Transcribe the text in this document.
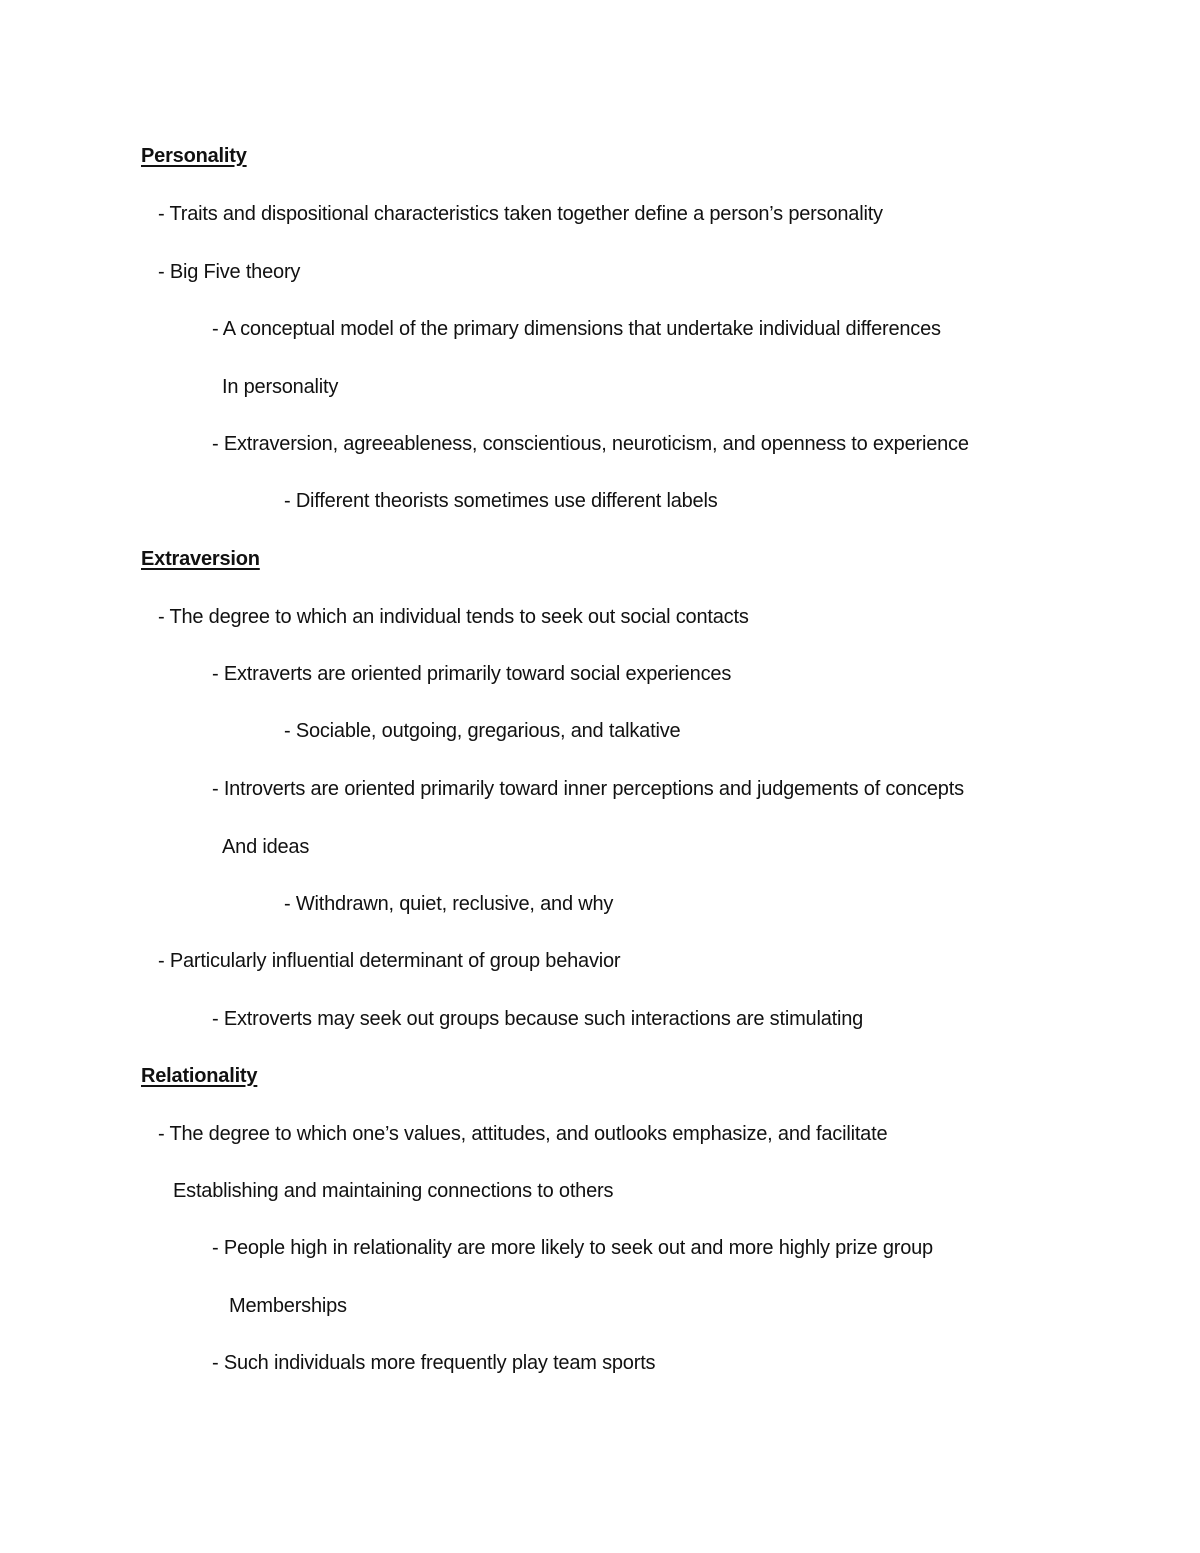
Personality
- Traits and dispositional characteristics taken together define a person’s personality
- Big Five theory
- A conceptual model of the primary dimensions that undertake individual differences
In personality
- Extraversion, agreeableness, conscientious, neuroticism, and openness to experience
- Different theorists sometimes use different labels
Extraversion
- The degree to which an individual tends to seek out social contacts
- Extraverts are oriented primarily toward social experiences
- Sociable, outgoing, gregarious, and talkative
- Introverts are oriented primarily toward inner perceptions and judgements of concepts
And ideas
- Withdrawn, quiet, reclusive, and why
- Particularly influential determinant of group behavior
- Extroverts may seek out groups because such interactions are stimulating
Relationality
- The degree to which one’s values, attitudes, and outlooks emphasize, and facilitate
Establishing and maintaining connections to others
- People high in relationality are more likely to seek out and more highly prize group
Memberships
- Such individuals more frequently play team sports
